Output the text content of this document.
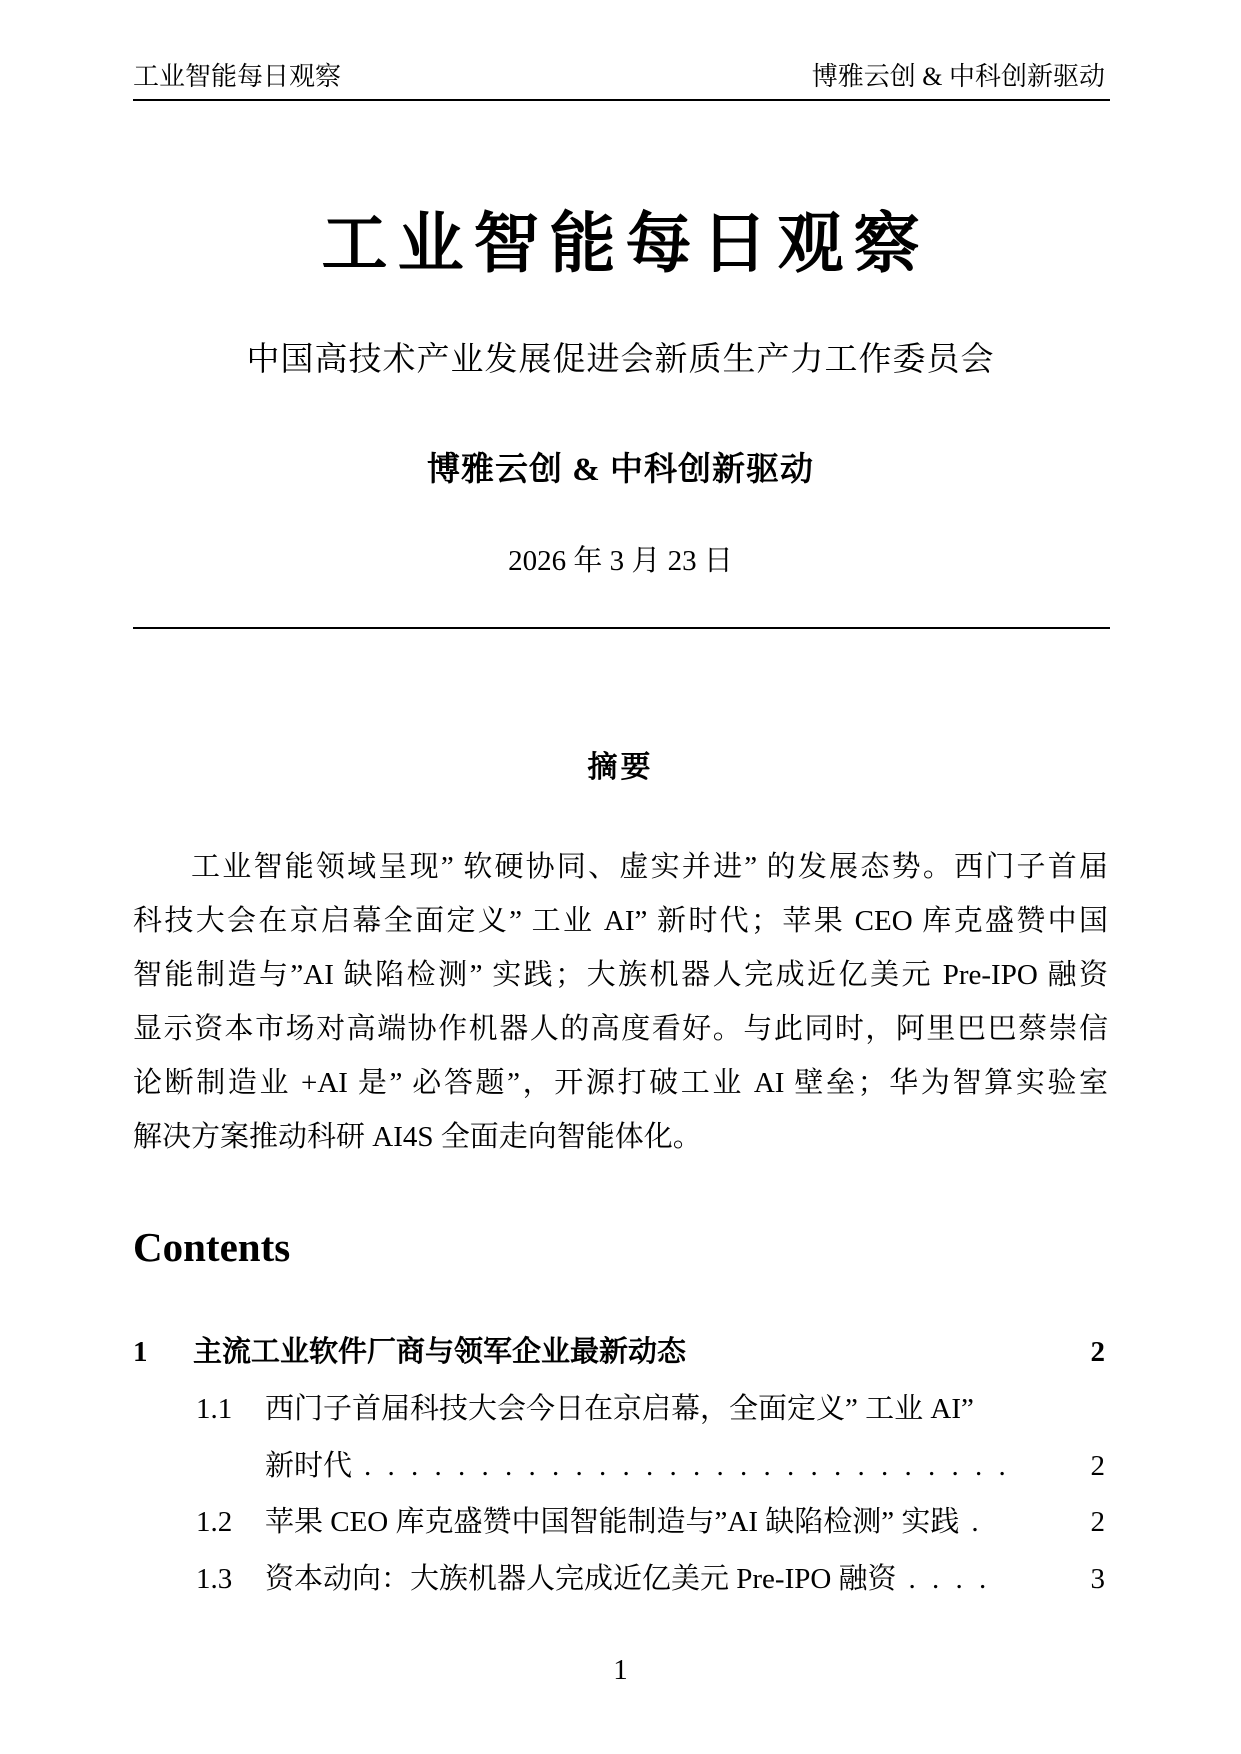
工业智能每日观察	博雅云创 & 中科创新驱动
工业智能每日观察
中国高技术产业发展促进会新质生产力工作委员会
博雅云创 & 中科创新驱动
2026 年 3 月 23 日
摘要
工业智能领域呈现” 软硬协同、虚实并进” 的发展态势。西门子首届
科技大会在京启幕全面定义” 工业 AI” 新时代；苹果 CEO 库克盛赞中国
智能制造与”AI 缺陷检测” 实践；大族机器人完成近亿美元 Pre-IPO 融资
显示资本市场对高端协作机器人的高度看好。与此同时，阿里巴巴蔡崇信
论断制造业 +AI 是” 必答题”，开源打破工业 AI 壁垒；华为智算实验室
解决方案推动科研 AI4S 全面走向智能体化。
Contents
1	主流工业软件厂商与领军企业最新动态	2
1.1	西门子首届科技大会今日在京启幕，全面定义” 工业 AI”
新时代 . . . . . . . . . . . . . . . . . . . . . . . . . . . .	2
1.2	苹果 CEO 库克盛赞中国智能制造与”AI 缺陷检测” 实践 .	2
1.3	资本动向：大族机器人完成近亿美元 Pre-IPO 融资 . . . .	3
1
